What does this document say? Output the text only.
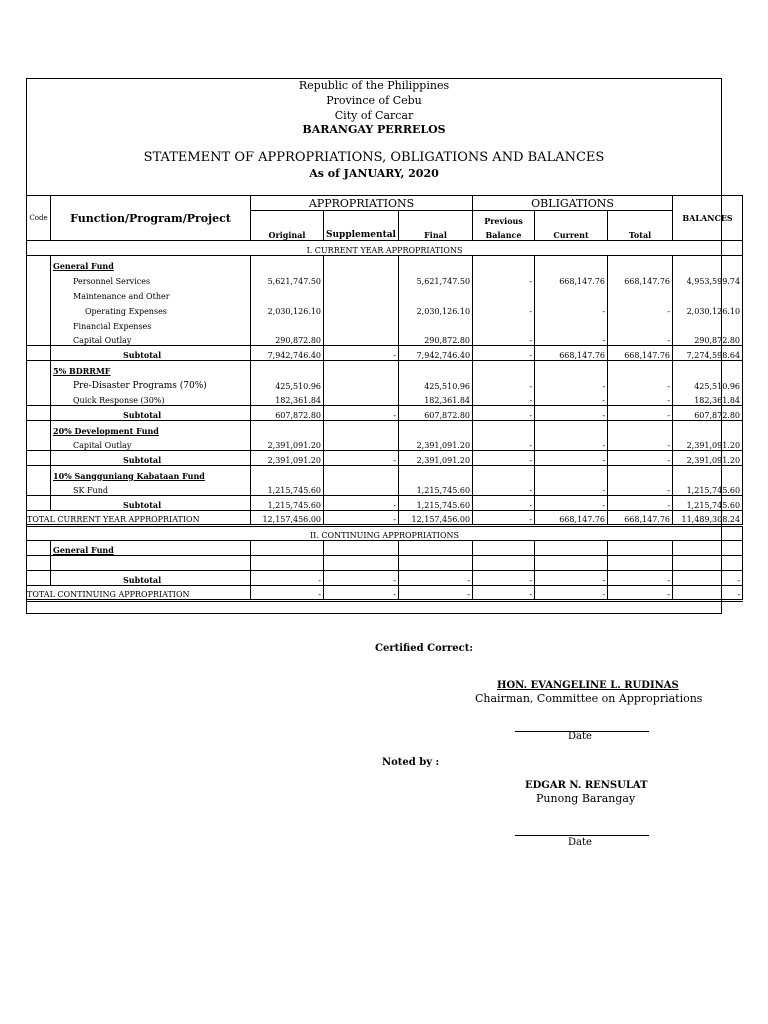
Republic of the Philippines
Province of Cebu
City of Carcar
BARANGAY PERRELOS
STATEMENT OF APPROPRIATIONS, OBLIGATIONS AND BALANCES
As of JANUARY, 2020
Code	Function/Program/Project	APPROPRIATIONS			OBLIGATIONS			BALANCES
					Previous			
		Original	Supplemental	Final	Balance	Current	Total	
I. CURRENT YEAR APPROPRIATIONS								
	General Fund							
	Personnel Services	5,621,747.50		5,621,747.50	-	668,147.76	668,147.76	4,953,599.74
	Maintenance and Other							
	Operating Expenses	2,030,126.10		2,030,126.10	-	-	-	2,030,126.10
	Financial Expenses							
	Capital Outlay	290,872.80		290,872.80	-	-	-	290,872.80
	Subtotal	7,942,746.40	-	7,942,746.40	-	668,147.76	668,147.76	7,274,598.64
	5% BDRRMF							
	Pre-Disaster Programs (70%)	425,510.96		425,510.96	-	-	-	425,510.96
	Quick Response (30%)	182,361.84		182,361.84	-	-	-	182,361.84
	Subtotal	607,872.80	-	607,872.80	-	-	-	607,872.80
	20% Development Fund							
	Capital Outlay	2,391,091.20		2,391,091.20	-	-	-	2,391,091.20
	Subtotal	2,391,091.20	-	2,391,091.20	-	-	-	2,391,091.20
	10% Sangguniang Kabataan Fund							
	SK Fund	1,215,745.60		1,215,745.60	-	-	-	1,215,745.60
	Subtotal	1,215,745.60	-	1,215,745.60	-	-	-	1,215,745.60
TOTAL CURRENT YEAR APPROPRIATION		12,157,456.00	-	12,157,456.00	-	668,147.76	668,147.76	11,489,308.24
II. CONTINUING APPROPRIATIONS								
	General Fund							

	Subtotal	-	-	-	-	-	-	-
TOTAL CONTINUING APPROPRIATION		-	-	-	-	-	-	-
Certified Correct:
HON. EVANGELINE L. RUDINAS
Chairman, Committee on Appropriations
Date
Noted by :
EDGAR N. RENSULAT
Punong Barangay
Date
